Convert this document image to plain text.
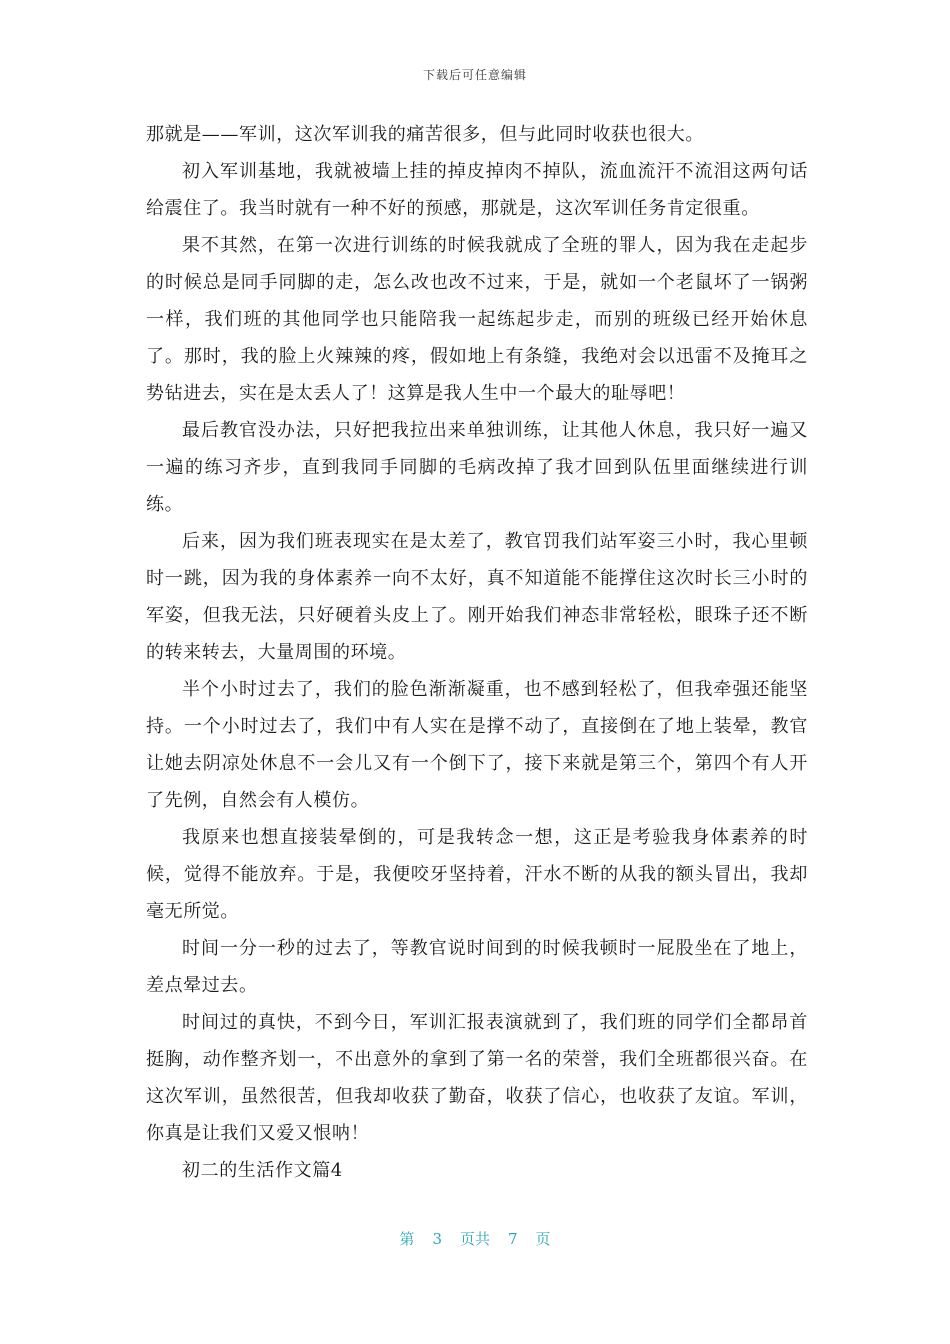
下载后可任意编辑

那就是——军训，这次军训我的痛苦很多，但与此同时收获也很大。

初入军训基地，我就被墙上挂的掉皮掉肉不掉队，流血流汗不流泪这两句话给震住了。我当时就有一种不好的预感，那就是，这次军训任务肯定很重。

果不其然，在第一次进行训练的时候我就成了全班的罪人，因为我在走起步的时候总是同手同脚的走，怎么改也改不过来，于是，就如一个老鼠坏了一锅粥一样，我们班的其他同学也只能陪我一起练起步走，而别的班级已经开始休息了。那时，我的脸上火辣辣的疼，假如地上有条缝，我绝对会以迅雷不及掩耳之势钻进去，实在是太丢人了！这算是我人生中一个最大的耻辱吧！

最后教官没办法，只好把我拉出来单独训练，让其他人休息，我只好一遍又一遍的练习齐步，直到我同手同脚的毛病改掉了我才回到队伍里面继续进行训练。

后来，因为我们班表现实在是太差了，教官罚我们站军姿三小时，我心里顿时一跳，因为我的身体素养一向不太好，真不知道能不能撑住这次时长三小时的军姿，但我无法，只好硬着头皮上了。刚开始我们神态非常轻松，眼珠子还不断的转来转去，大量周围的环境。

半个小时过去了，我们的脸色渐渐凝重，也不感到轻松了，但我牵强还能坚持。一个小时过去了，我们中有人实在是撑不动了，直接倒在了地上装晕，教官让她去阴凉处休息不一会儿又有一个倒下了，接下来就是第三个，第四个有人开了先例，自然会有人模仿。

我原来也想直接装晕倒的，可是我转念一想，这正是考验我身体素养的时候，觉得不能放弃。于是，我便咬牙坚持着，汗水不断的从我的额头冒出，我却毫无所觉。

时间一分一秒的过去了，等教官说时间到的时候我顿时一屁股坐在了地上，差点晕过去。

时间过的真快，不到今日，军训汇报表演就到了，我们班的同学们全都昂首挺胸，动作整齐划一，不出意外的拿到了第一名的荣誉，我们全班都很兴奋。在这次军训，虽然很苦，但我却收获了勤奋，收获了信心，也收获了友谊。军训，你真是让我们又爱又恨呐！

初二的生活作文篇4

第 3 页共 7 页
